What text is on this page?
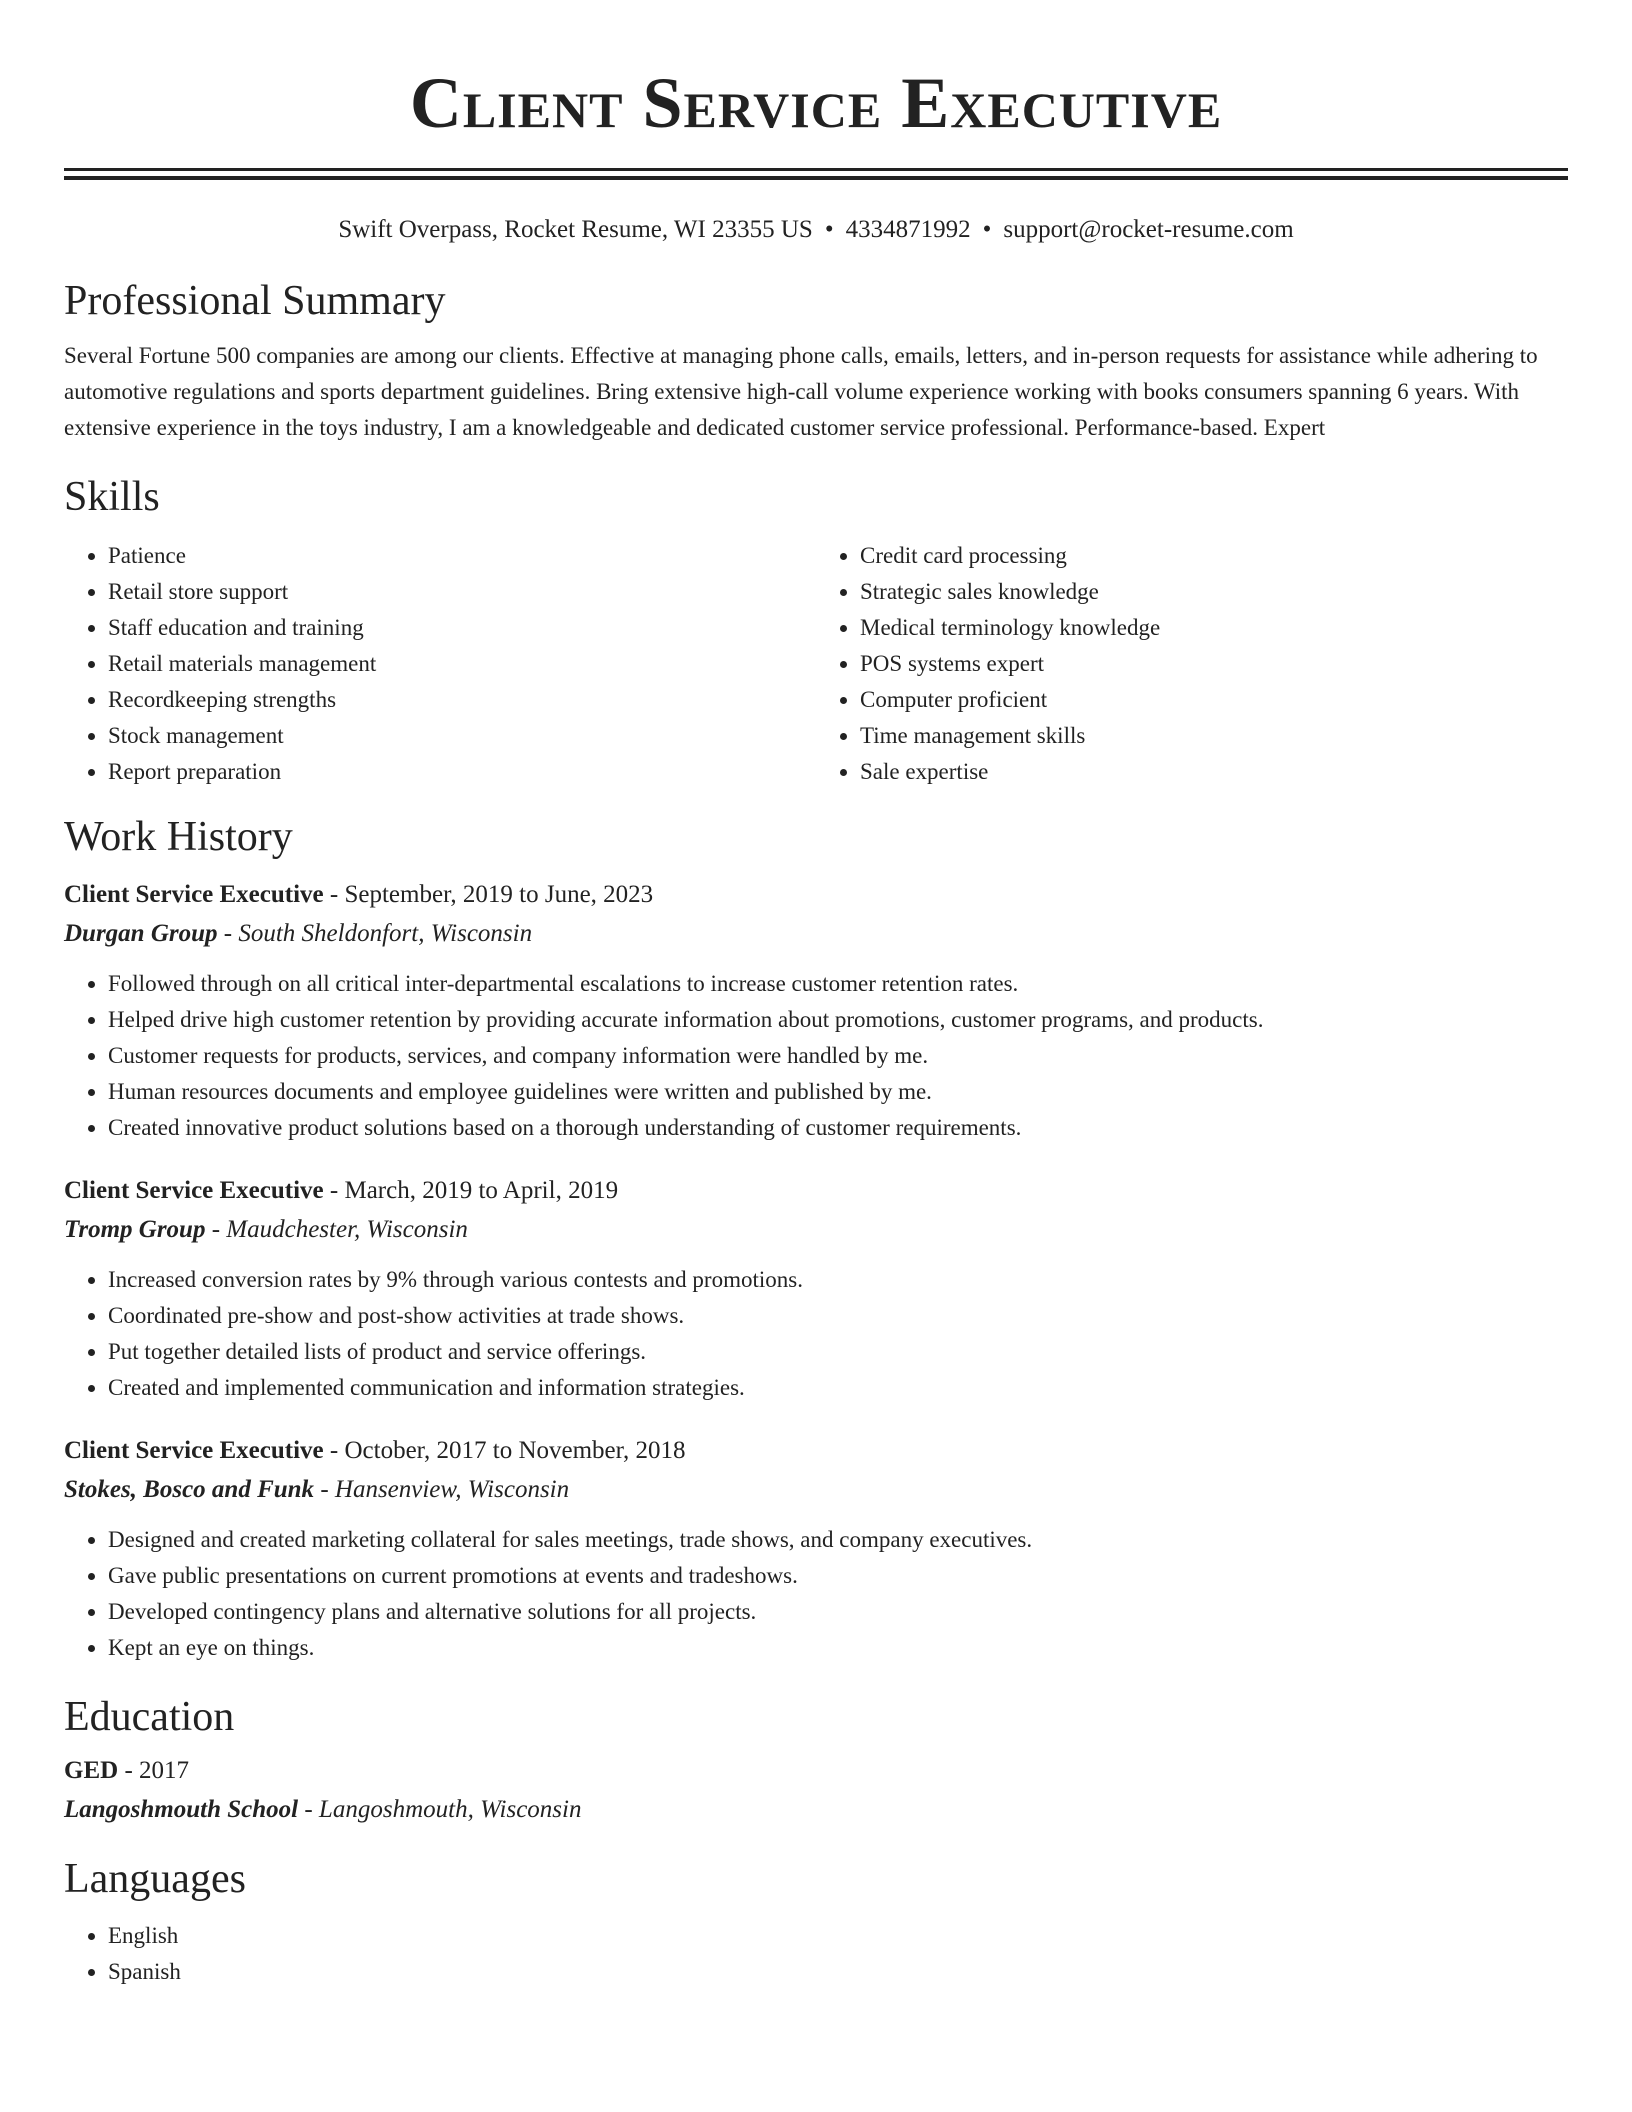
Client Service Executive
Swift Overpass, Rocket Resume, WI 23355 US • 4334871992 • support@rocket-resume.com
Professional Summary
Several Fortune 500 companies are among our clients. Effective at managing phone calls, emails, letters, and in-person requests for assistance while adhering to automotive regulations and sports department guidelines. Bring extensive high-call volume experience working with books consumers spanning 6 years. With extensive experience in the toys industry, I am a knowledgeable and dedicated customer service professional. Performance-based. Expert
Skills
• Patience
• Retail store support
• Staff education and training
• Retail materials management
• Recordkeeping strengths
• Stock management
• Report preparation
• Credit card processing
• Strategic sales knowledge
• Medical terminology knowledge
• POS systems expert
• Computer proficient
• Time management skills
• Sale expertise
Work History
Client Service Executive - September, 2019 to June, 2023
Durgan Group - South Sheldonfort, Wisconsin
• Followed through on all critical inter-departmental escalations to increase customer retention rates.
• Helped drive high customer retention by providing accurate information about promotions, customer programs, and products.
• Customer requests for products, services, and company information were handled by me.
• Human resources documents and employee guidelines were written and published by me.
• Created innovative product solutions based on a thorough understanding of customer requirements.
Client Service Executive - March, 2019 to April, 2019
Tromp Group - Maudchester, Wisconsin
• Increased conversion rates by 9% through various contests and promotions.
• Coordinated pre-show and post-show activities at trade shows.
• Put together detailed lists of product and service offerings.
• Created and implemented communication and information strategies.
Client Service Executive - October, 2017 to November, 2018
Stokes, Bosco and Funk - Hansenview, Wisconsin
• Designed and created marketing collateral for sales meetings, trade shows, and company executives.
• Gave public presentations on current promotions at events and tradeshows.
• Developed contingency plans and alternative solutions for all projects.
• Kept an eye on things.
Education
GED - 2017
Langoshmouth School - Langoshmouth, Wisconsin
Languages
• English
• Spanish
